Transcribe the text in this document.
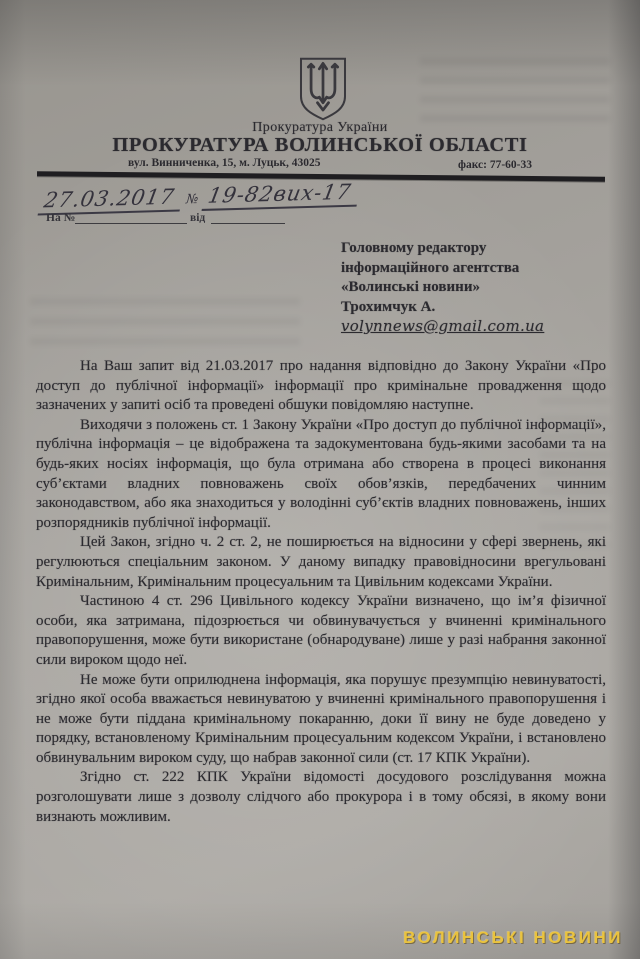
Прокуратура України
ПРОКУРАТУРА ВОЛИНСЬКОЇ ОБЛАСТІ
вул. Винниченка, 15, м. Луцьк, 43025	факс: 77-60-33
27.03.2017 № 19-82вих-17
На №	від
Головному редактору
інформаційного агентства
«Волинські новини»
Трохимчук А.
volynnews@gmail.com.ua

На Ваш запит від 21.03.2017 про надання відповідно до Закону України «Про доступ до публічної інформації» інформації про кримінальне провадження щодо зазначених у запиті осіб та проведені обшуки повідомляю наступне.

Виходячи з положень ст. 1 Закону України «Про доступ до публічної інформації», публічна інформація – це відображена та задокументована будь-якими засобами та на будь-яких носіях інформація, що була отримана або створена в процесі виконання суб’єктами владних повноважень своїх обов’язків, передбачених чинним законодавством, або яка знаходиться у володінні суб’єктів владних повноважень, інших розпорядників публічної інформації.

Цей Закон, згідно ч. 2 ст. 2, не поширюється на відносини у сфері звернень, які регулюються спеціальним законом. У даному випадку правовідносини врегульовані Кримінальним, Кримінальним процесуальним та Цивільним кодексами України.

Частиною 4 ст. 296 Цивільного кодексу України визначено, що ім’я фізичної особи, яка затримана, підозрюється чи обвинувачується у вчиненні кримінального правопорушення, може бути використане (обнародуване) лише у разі набрання законної сили вироком щодо неї.

Не може бути оприлюднена інформація, яка порушує презумпцію невинуватості, згідно якої особа вважається невинуватою у вчиненні кримінального правопорушення і не може бути піддана кримінальному покаранню, доки її вину не буде доведено у порядку, встановленому Кримінальним процесуальним кодексом України, і встановлено обвинувальним вироком суду, що набрав законної сили (ст. 17 КПК України).

Згідно ст. 222 КПК України відомості досудового розслідування можна розголошувати лише з дозволу слідчого або прокурора і в тому обсязі, в якому вони визнають можливим.

ВОЛИНСЬКІ НОВИНИ
